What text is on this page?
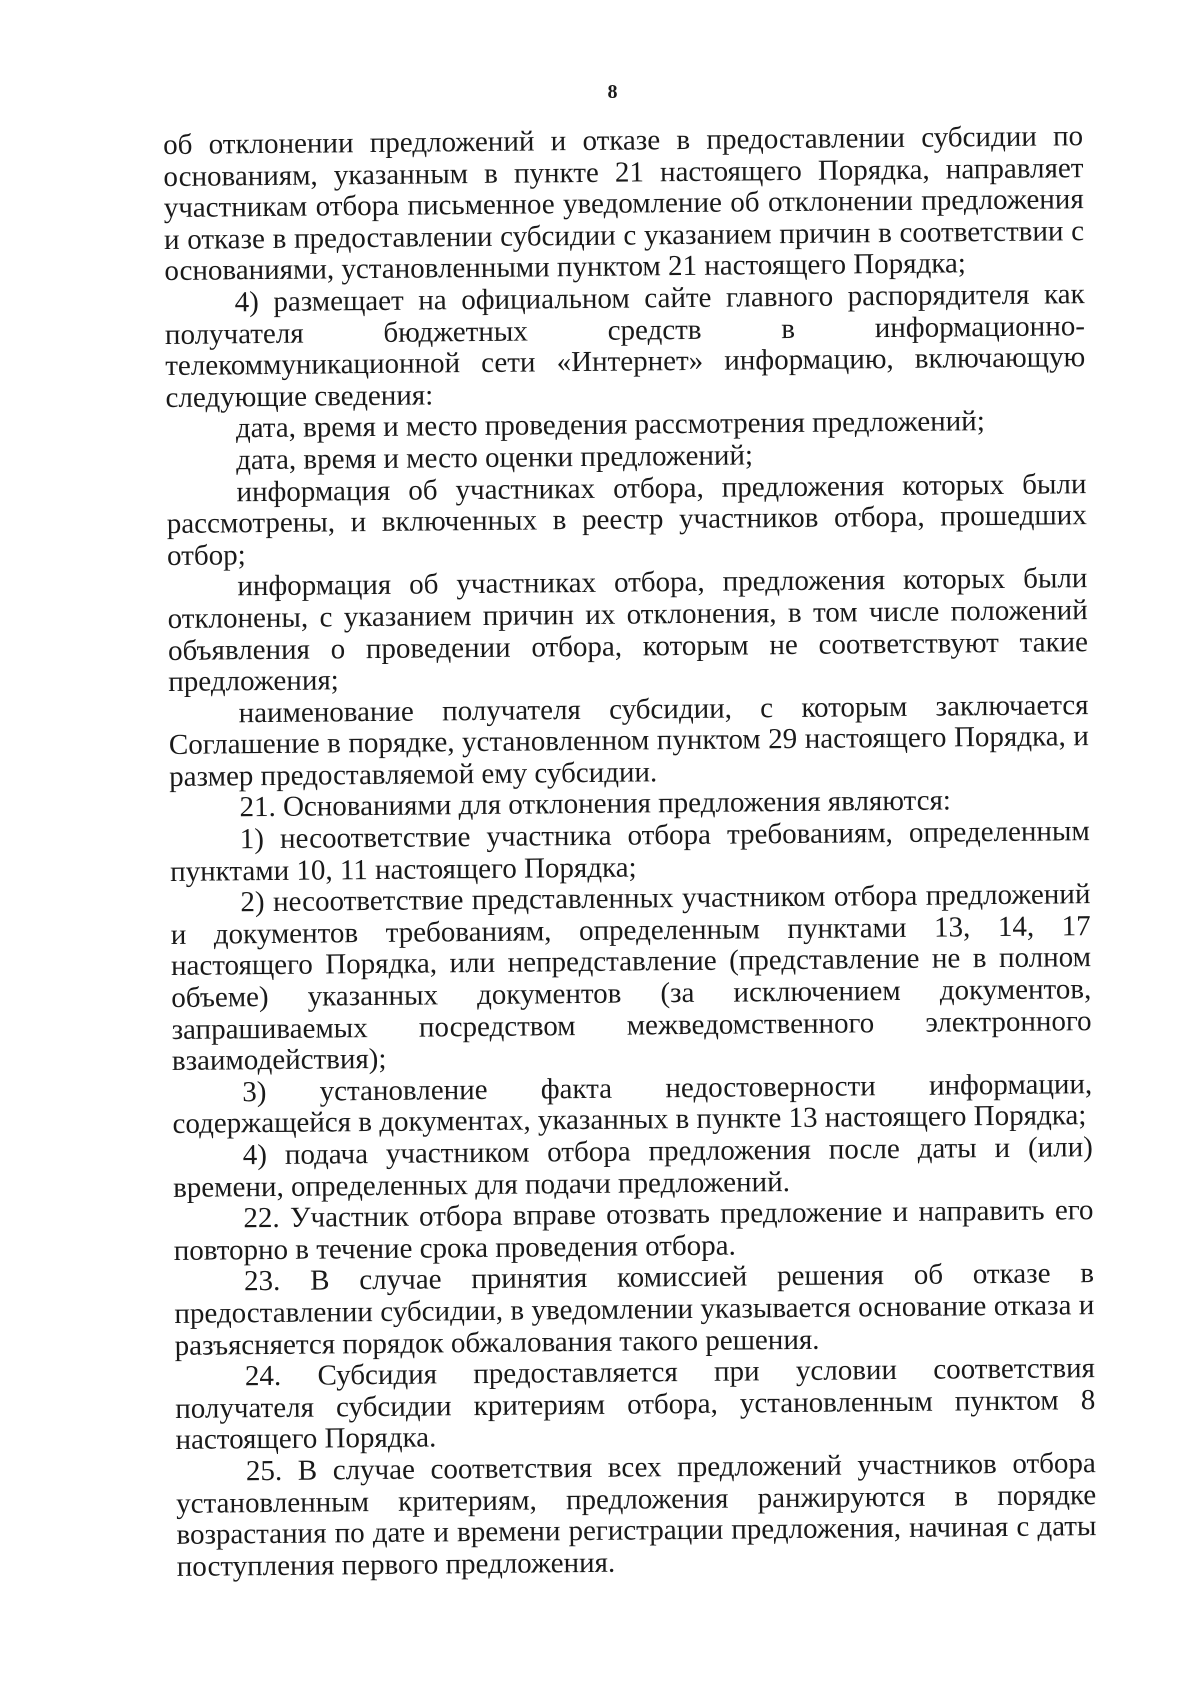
8

об отклонении предложений и отказе в предоставлении субсидии по основаниям, указанным в пункте 21 настоящего Порядка, направляет участникам отбора письменное уведомление об отклонении предложения и отказе в предоставлении субсидии с указанием причин в соответствии с основаниями, установленными пунктом 21 настоящего Порядка;

4) размещает на официальном сайте главного распорядителя как получателя бюджетных средств в информационно-телекоммуникационной сети «Интернет» информацию, включающую следующие сведения:

дата, время и место проведения рассмотрения предложений;

дата, время и место оценки предложений;

информация об участниках отбора, предложения которых были рассмотрены, и включенных в реестр участников отбора, прошедших отбор;

информация об участниках отбора, предложения которых были отклонены, с указанием причин их отклонения, в том числе положений объявления о проведении отбора, которым не соответствуют такие предложения;

наименование получателя субсидии, с которым заключается Соглашение в порядке, установленном пунктом 29 настоящего Порядка, и размер предоставляемой ему субсидии.

21. Основаниями для отклонения предложения являются:

1) несоответствие участника отбора требованиям, определенным пунктами 10, 11 настоящего Порядка;

2) несоответствие представленных участником отбора предложений и документов требованиям, определенным пунктами 13, 14, 17 настоящего Порядка, или непредставление (представление не в полном объеме) указанных документов (за исключением документов, запрашиваемых посредством межведомственного электронного взаимодействия);

3) установление факта недостоверности информации, содержащейся в документах, указанных в пункте 13 настоящего Порядка;

4) подача участником отбора предложения после даты и (или) времени, определенных для подачи предложений.

22. Участник отбора вправе отозвать предложение и направить его повторно в течение срока проведения отбора.

23. В случае принятия комиссией решения об отказе в предоставлении субсидии, в уведомлении указывается основание отказа и разъясняется порядок обжалования такого решения.

24. Субсидия предоставляется при условии соответствия получателя субсидии критериям отбора, установленным пунктом 8 настоящего Порядка.

25. В случае соответствия всех предложений участников отбора установленным критериям, предложения ранжируются в порядке возрастания по дате и времени регистрации предложения, начиная с даты поступления первого предложения.
